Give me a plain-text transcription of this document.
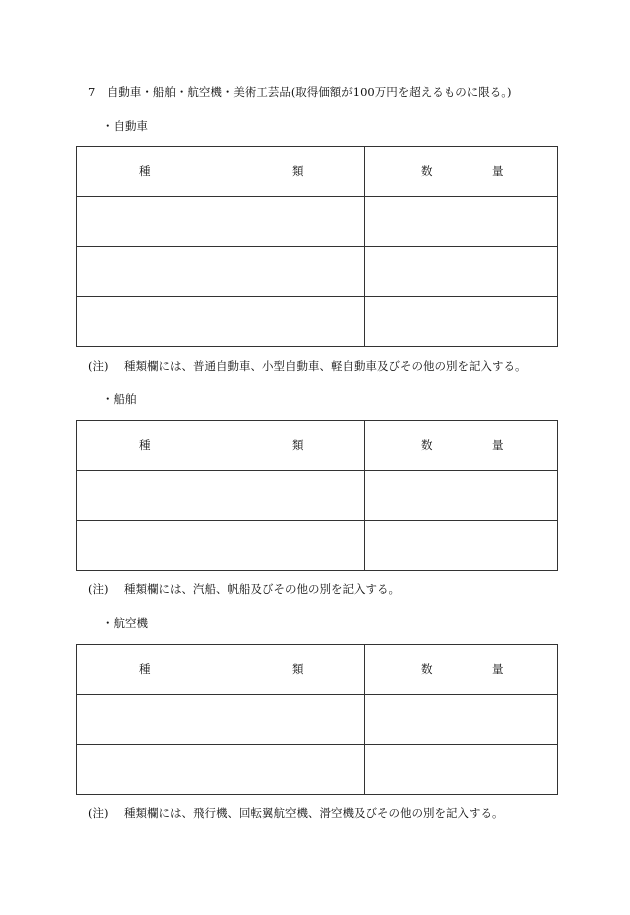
7　自動車・船舶・航空機・美術工芸品(取得価額が100万円を超えるものに限る。)
・自動車
種 類	数 量

(注) 種類欄には、普通自動車、小型自動車、軽自動車及びその他の別を記入する。
・船舶
種 類	数 量

(注) 種類欄には、汽船、帆船及びその他の別を記入する。
・航空機
種 類	数 量

(注) 種類欄には、飛行機、回転翼航空機、滑空機及びその他の別を記入する。
